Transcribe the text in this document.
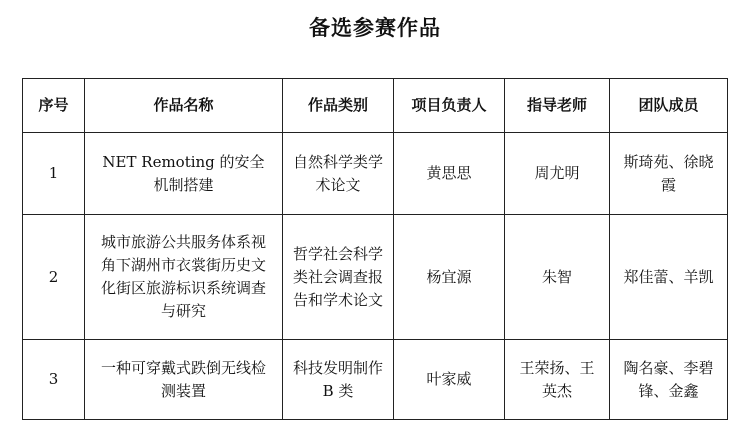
备选参赛作品
序号	作品名称	作品类别	项目负责人	指导老师	团队成员
1	NET Remoting 的安全机制搭建	自然科学类学术论文	黄思思	周尤明	斯琦苑、徐晓霞
2	城市旅游公共服务体系视角下湖州市衣裳街历史文化街区旅游标识系统调查与研究	哲学社会科学类社会调查报告和学术论文	杨宜源	朱智	郑佳蕾、羊凯
3	一种可穿戴式跌倒无线检测装置	科技发明制作 B 类	叶家威	王荣扬、王英杰	陶名豪、李碧锋、金鑫
